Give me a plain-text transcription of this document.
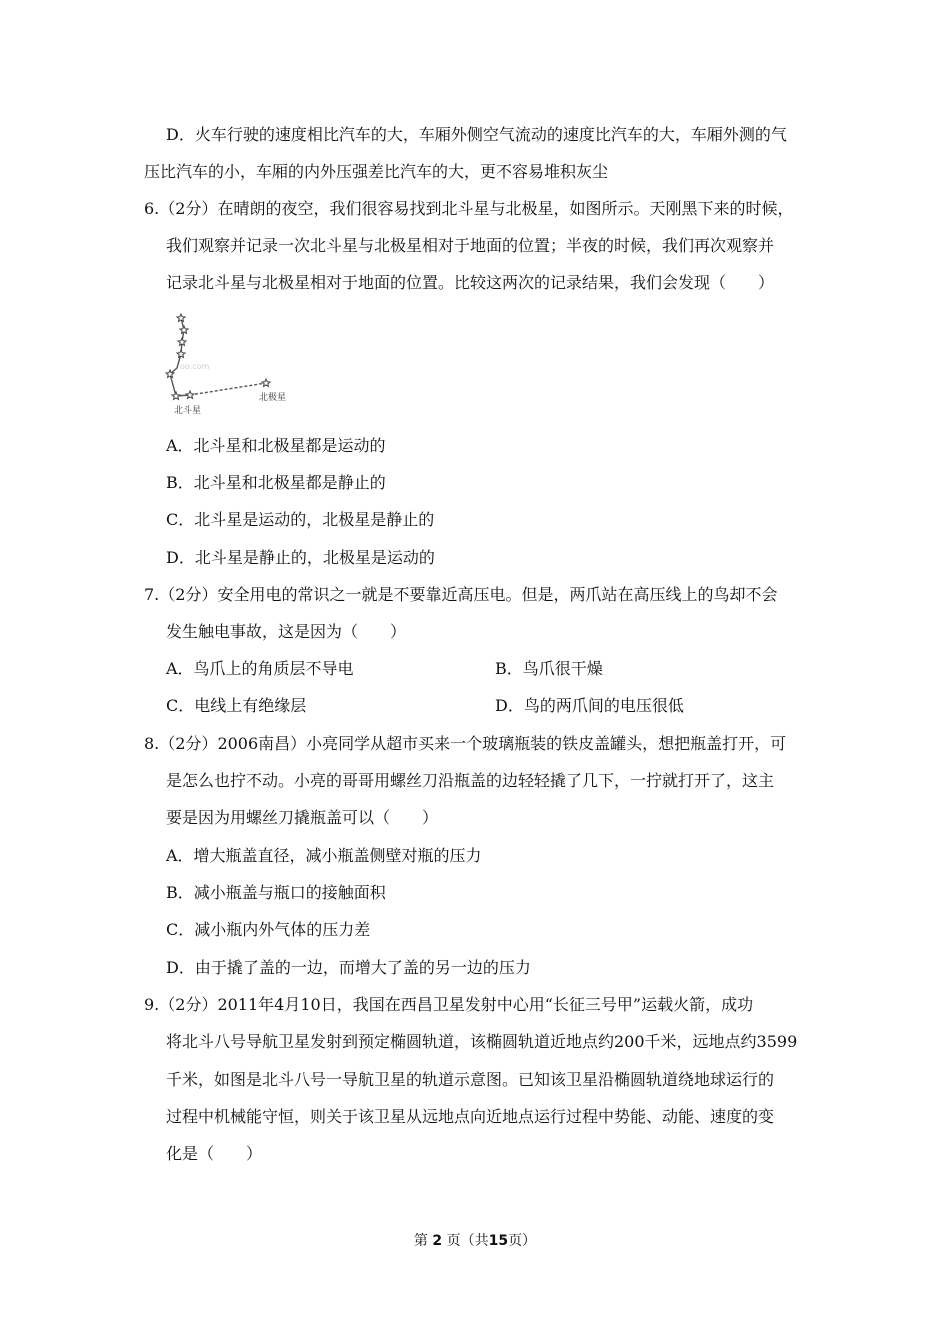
D．火车行驶的速度相比汽车的大，车厢外侧空气流动的速度比汽车的大，车厢外测的气
压比汽车的小，车厢的内外压强差比汽车的大，更不容易堆积灰尘
6.（2分）在晴朗的夜空，我们很容易找到北斗星与北极星，如图所示。天刚黑下来的时候，
我们观察并记录一次北斗星与北极星相对于地面的位置；半夜的时候，我们再次观察并
记录北斗星与北极星相对于地面的位置。比较这两次的记录结果，我们会发现（　　）
oo.com
北斗星
北极星
A．北斗星和北极星都是运动的
B．北斗星和北极星都是静止的
C．北斗星是运动的，北极星是静止的
D．北斗星是静止的，北极星是运动的
7.（2分）安全用电的常识之一就是不要靠近高压电。但是，两爪站在高压线上的鸟却不会
发生触电事故，这是因为（　　）
A．鸟爪上的角质层不导电	B．鸟爪很干燥
C．电线上有绝缘层	D．鸟的两爪间的电压很低
8.（2分）2006南昌）小亮同学从超市买来一个玻璃瓶装的铁皮盖罐头，想把瓶盖打开，可
是怎么也拧不动。小亮的哥哥用螺丝刀沿瓶盖的边轻轻撬了几下，一拧就打开了，这主
要是因为用螺丝刀撬瓶盖可以（　　）
A．增大瓶盖直径，减小瓶盖侧壁对瓶的压力
B．减小瓶盖与瓶口的接触面积
C．减小瓶内外气体的压力差
D．由于撬了盖的一边，而增大了盖的另一边的压力
9.（2分）2011年4月10日，我国在西昌卫星发射中心用“长征三号甲”运载火箭，成功
将北斗八号导航卫星发射到预定椭圆轨道，该椭圆轨道近地点约200千米，远地点约3599
千米，如图是北斗八号一导航卫星的轨道示意图。已知该卫星沿椭圆轨道绕地球运行的
过程中机械能守恒，则关于该卫星从远地点向近地点运行过程中势能、动能、速度的变
化是（　　）
第 2 页（共15页）
